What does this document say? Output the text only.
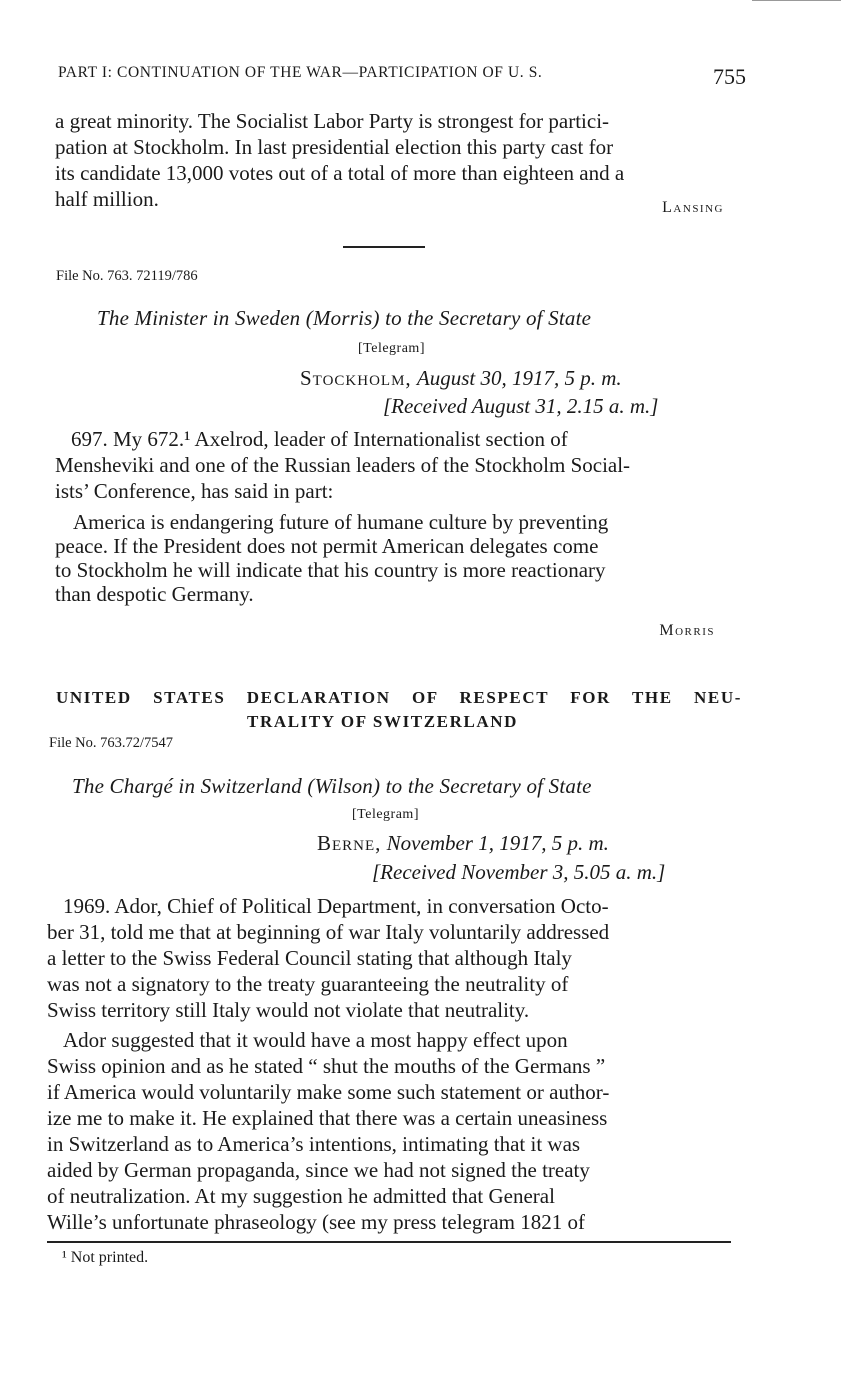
PART I: CONTINUATION OF THE WAR—PARTICIPATION OF U. S.	755
a great minority. The Socialist Labor Party is strongest for partici-
pation at Stockholm. In last presidential election this party cast for
its candidate 13,000 votes out of a total of more than eighteen and a
half million.	Lansing
File No. 763. 72119/786
The Minister in Sweden (Morris) to the Secretary of State
[Telegram]
Stockholm, August 30, 1917, 5 p. m.
[Received August 31, 2.15 a. m.]
697. My 672.¹ Axelrod, leader of Internationalist section of
Mensheviki and one of the Russian leaders of the Stockholm Social-
ists’ Conference, has said in part:
America is endangering future of humane culture by preventing
peace. If the President does not permit American delegates come
to Stockholm he will indicate that his country is more reactionary
than despotic Germany.
Morris
UNITED STATES DECLARATION OF RESPECT FOR THE NEU-
TRALITY OF SWITZERLAND
File No. 763.72/7547
The Chargé in Switzerland (Wilson) to the Secretary of State
[Telegram]
Berne, November 1, 1917, 5 p. m.
[Received November 3, 5.05 a. m.]
1969. Ador, Chief of Political Department, in conversation Octo-
ber 31, told me that at beginning of war Italy voluntarily addressed
a letter to the Swiss Federal Council stating that although Italy
was not a signatory to the treaty guaranteeing the neutrality of
Swiss territory still Italy would not violate that neutrality.
Ador suggested that it would have a most happy effect upon
Swiss opinion and as he stated “ shut the mouths of the Germans ”
if America would voluntarily make some such statement or author-
ize me to make it. He explained that there was a certain uneasiness
in Switzerland as to America’s intentions, intimating that it was
aided by German propaganda, since we had not signed the treaty
of neutralization. At my suggestion he admitted that General
Wille’s unfortunate phraseology (see my press telegram 1821 of
¹ Not printed.
